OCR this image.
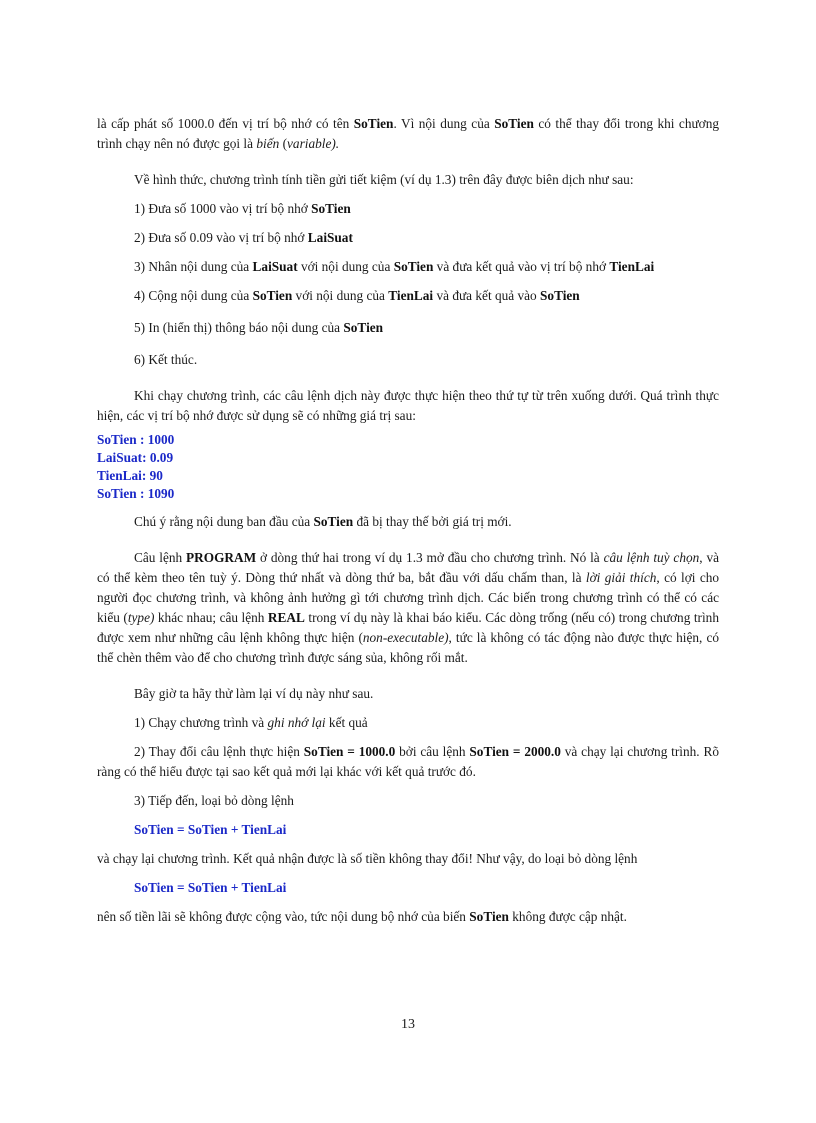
là cấp phát số 1000.0 đến vị trí bộ nhớ có tên SoTien. Vì nội dung của SoTien có thể thay đổi trong khi chương trình chạy nên nó được gọi là biến (variable).

Về hình thức, chương trình tính tiền gửi tiết kiệm (ví dụ 1.3) trên đây được biên dịch như sau:

1) Đưa số 1000 vào vị trí bộ nhớ SoTien

2) Đưa số 0.09 vào vị trí bộ nhớ LaiSuat

3) Nhân nội dung của LaiSuat với nội dung của SoTien và đưa kết quả vào vị trí bộ nhớ TienLai

4) Cộng nội dung của SoTien với nội dung của TienLai và đưa kết quả vào SoTien

5) In (hiển thị) thông báo nội dung của SoTien

6) Kết thúc.

Khi chạy chương trình, các câu lệnh dịch này được thực hiện theo thứ tự từ trên xuống dưới. Quá trình thực hiện, các vị trí bộ nhớ được sử dụng sẽ có những giá trị sau:

SoTien : 1000
LaiSuat: 0.09
TienLai: 90
SoTien : 1090

Chú ý rằng nội dung ban đầu của SoTien đã bị thay thế bởi giá trị mới.

Câu lệnh PROGRAM ở dòng thứ hai trong ví dụ 1.3 mở đầu cho chương trình. Nó là câu lệnh tuỳ chọn, và có thể kèm theo tên tuỳ ý. Dòng thứ nhất và dòng thứ ba, bắt đầu với dấu chấm than, là lời giải thích, có lợi cho người đọc chương trình, và không ảnh hưởng gì tới chương trình dịch. Các biến trong chương trình có thể có các kiểu (type) khác nhau; câu lệnh REAL trong ví dụ này là khai báo kiểu. Các dòng trống (nếu có) trong chương trình được xem như những câu lệnh không thực hiện (non-executable), tức là không có tác động nào được thực hiện, có thể chèn thêm vào để cho chương trình được sáng sủa, không rối mắt.

Bây giờ ta hãy thử làm lại ví dụ này như sau.

1) Chạy chương trình và ghi nhớ lại kết quả

2) Thay đổi câu lệnh thực hiện SoTien = 1000.0 bởi câu lệnh SoTien = 2000.0 và chạy lại chương trình. Rõ ràng có thể hiểu được tại sao kết quả mới lại khác với kết quả trước đó.

3) Tiếp đến, loại bỏ dòng lệnh

SoTien = SoTien + TienLai

và chạy lại chương trình. Kết quả nhận được là số tiền không thay đổi! Như vậy, do loại bỏ dòng lệnh

SoTien = SoTien + TienLai

nên số tiền lãi sẽ không được cộng vào, tức nội dung bộ nhớ của biến SoTien không được cập nhật.

13
